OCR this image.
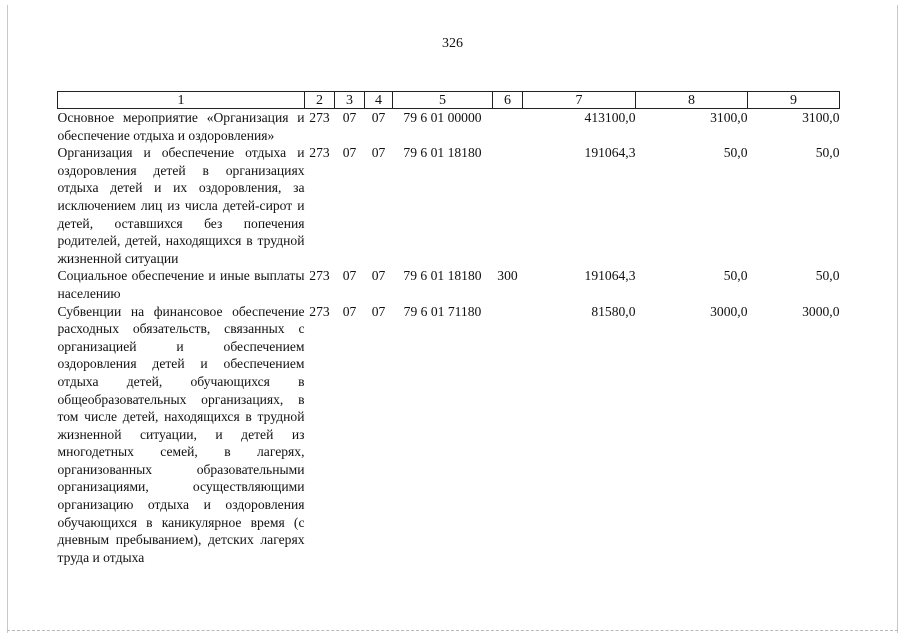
326
1	2	3	4	5	6	7	8	9
Основное мероприятие «Организация и обеспечение отдыха и оздоровления»	273	07	07	79 6 01 00000		413100,0	3100,0	3100,0
Организация и обеспечение отдыха и оздоровления детей в организациях отдыха детей и их оздоровления, за исключением лиц из числа детей-сирот и детей, оставшихся без попечения родителей, детей, находящихся в трудной жизненной ситуации	273	07	07	79 6 01 18180		191064,3	50,0	50,0
Социальное обеспечение и иные выплаты населению	273	07	07	79 6 01 18180	300	191064,3	50,0	50,0
Субвенции на финансовое обеспечение расходных обязательств, связанных с организацией и обеспечением оздоровления детей и обеспечением отдыха детей, обучающихся в общеобразовательных организациях, в том числе детей, находящихся в трудной жизненной ситуации, и детей из многодетных семей, в лагерях, организованных образовательными организациями, осуществляющими организацию отдыха и оздоровления обучающихся в каникулярное время (с дневным пребыванием), детских лагерях труда и отдыха	273	07	07	79 6 01 71180		81580,0	3000,0	3000,0
